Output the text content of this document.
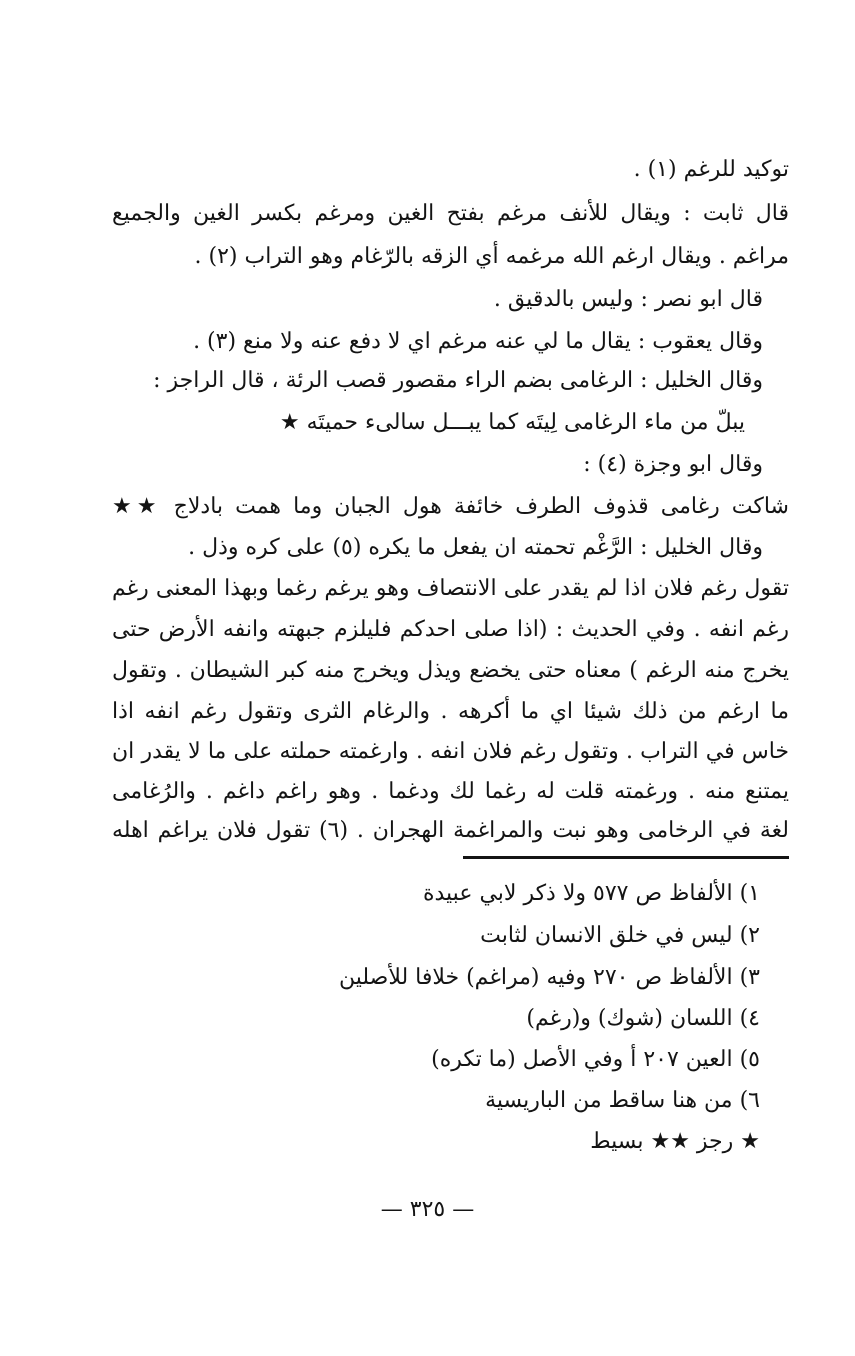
توكيد للرغم (١) .
قال ثابت : ويقال للأنف مرغم بفتح الغين ومرغم بكسر الغين والجميع
مراغم . ويقال ارغم الله مرغمه أي الزقه بالرّغام وهو التراب (٢) .
قال ابو نصر : وليس بالدقيق .
وقال يعقوب : يقال ما لي عنه مرغم اي لا دفع عنه ولا منع (٣) .
وقال الخليل : الرغامى بضم الراء مقصور قصب الرئة ، قال الراجز :
يبلّ من ماء الرغامى لِيتَه كما يبـــل سالىء حميتَه ★
وقال ابو وجزة (٤) :
شاكت رغامى قذوف الطرف خائفة هول الجبان وما همت بادلاج ★★
وقال الخليل : الرَّغْم تحمته ان يفعل ما يكره (٥) على كره وذل .
تقول رغم فلان اذا لم يقدر على الانتصاف وهو يرغم رغما وبهذا المعنى رغم
رغم انفه . وفي الحديث : (اذا صلى احدكم فليلزم جبهته وانفه الأرض حتى
يخرج منه الرغم ) معناه حتى يخضع ويذل ويخرج منه كبر الشيطان . وتقول
ما ارغم من ذلك شيئا اي ما أكرهه . والرغام الثرى وتقول رغم انفه اذا
خاس في التراب . وتقول رغم فلان انفه . وارغمته حملته على ما لا يقدر ان
يمتنع منه . ورغمته قلت له رغما لك ودغما . وهو راغم داغم . والرُغامى
لغة في الرخامى وهو نبت والمراغمة الهجران . (٦) تقول فلان يراغم اهله
١) الألفاظ ص ٥٧٧ ولا ذكر لابي عبيدة
٢) ليس في خلق الانسان لثابت
٣) الألفاظ ص ٢٧٠ وفيه (مراغم) خلافا للأصلين
٤) اللسان (شوك) و(رغم)
٥) العين ٢٠٧ أ وفي الأصل (ما تكره)
٦) من هنا ساقط من الباريسية
★ رجز ★★ بسيط
— ٣٢٥ —
